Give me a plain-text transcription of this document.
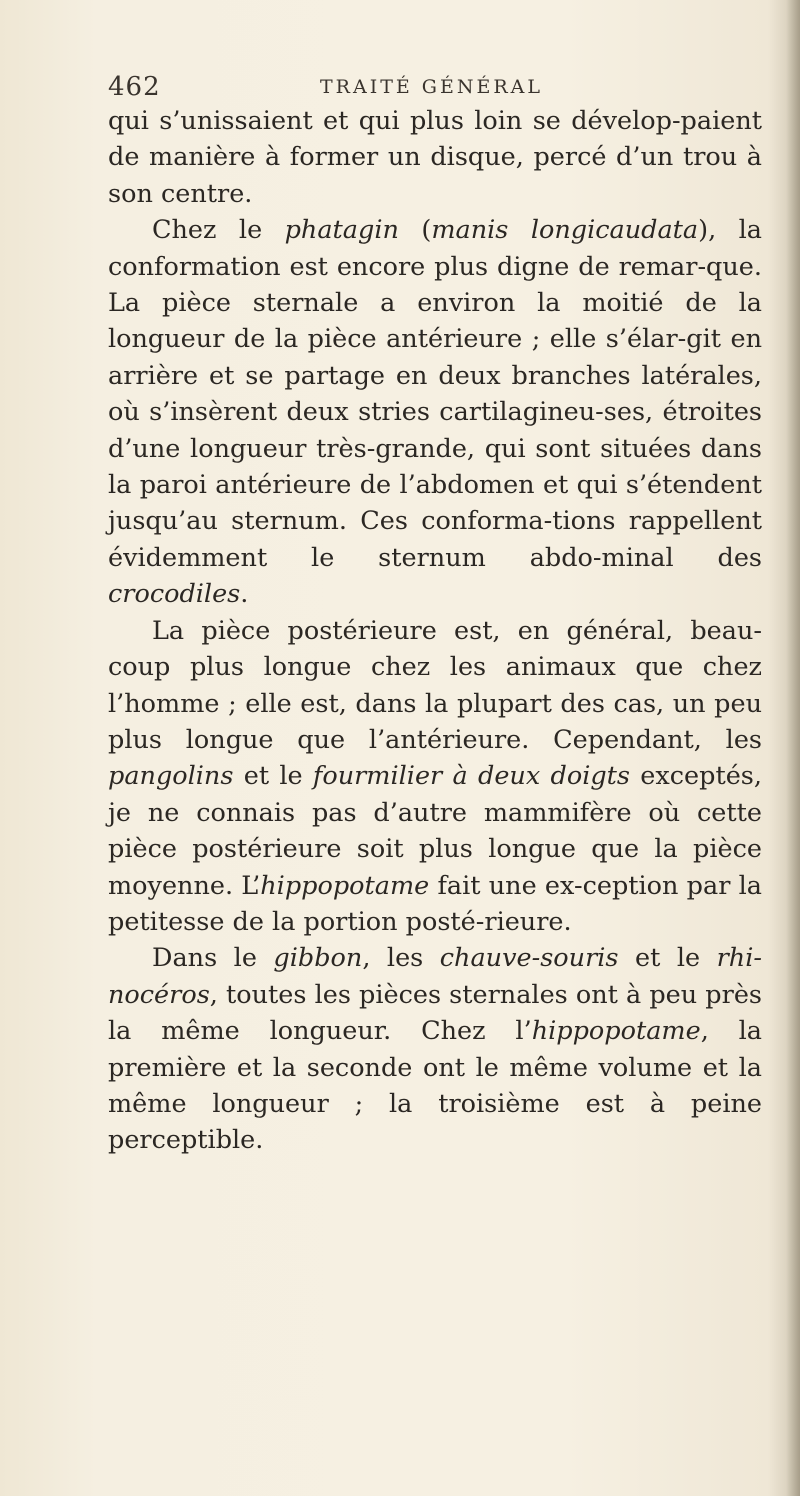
462	TRAITÉ GÉNÉRAL

qui s’unissaient et qui plus loin se dévelop-paient de manière à former un disque, percé d’un trou à son centre.

Chez le phatagin (manis longicaudata), la conformation est encore plus digne de remar-que. La pièce sternale a environ la moitié de la longueur de la pièce antérieure ; elle s’élar-git en arrière et se partage en deux branches latérales, où s’insèrent deux stries cartilagineu-ses, étroites d’une longueur très-grande, qui sont situées dans la paroi antérieure de l’abdomen et qui s’étendent jusqu’au sternum. Ces conforma-tions rappellent évidemment le sternum abdo-minal des crocodiles.

La pièce postérieure est, en général, beau-coup plus longue chez les animaux que chez l’homme ; elle est, dans la plupart des cas, un peu plus longue que l’antérieure. Cependant, les pangolins et le fourmilier à deux doigts exceptés, je ne connais pas d’autre mammifère où cette pièce postérieure soit plus longue que la pièce moyenne. L’hippopotame fait une ex-ception par la petitesse de la portion posté-rieure.

Dans le gibbon, les chauve-souris et le rhi-nocéros, toutes les pièces sternales ont à peu près la même longueur. Chez l’hippopotame, la première et la seconde ont le même volume et la même longueur ; la troisième est à peine perceptible.
